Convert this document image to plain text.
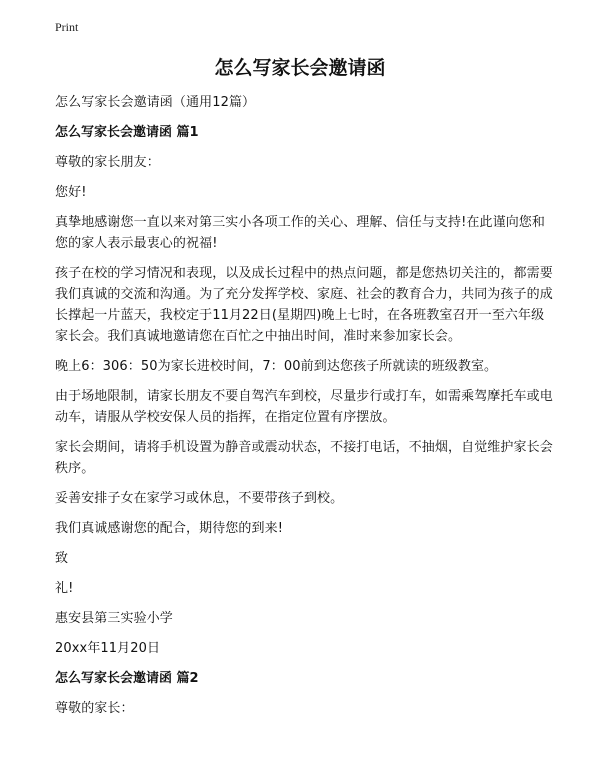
Print
怎么写家长会邀请函
怎么写家长会邀请函（通用12篇）
怎么写家长会邀请函 篇1
尊敬的家长朋友：
您好!
真挚地感谢您一直以来对第三实小各项工作的关心、理解、信任与支持!在此谨向您和您的家人表示最衷心的祝福!
孩子在校的学习情况和表现，以及成长过程中的热点问题，都是您热切关注的，都需要我们真诚的交流和沟通。为了充分发挥学校、家庭、社会的教育合力，共同为孩子的成长撑起一片蓝天，我校定于11月22日(星期四)晚上七时，在各班教室召开一至六年级家长会。我们真诚地邀请您在百忙之中抽出时间，准时来参加家长会。
晚上6：306：50为家长进校时间，7：00前到达您孩子所就读的班级教室。
由于场地限制，请家长朋友不要自驾汽车到校，尽量步行或打车，如需乘驾摩托车或电动车，请服从学校安保人员的指挥，在指定位置有序摆放。
家长会期间，请将手机设置为静音或震动状态，不接打电话，不抽烟，自觉维护家长会秩序。
妥善安排子女在家学习或休息，不要带孩子到校。
我们真诚感谢您的配合，期待您的到来!
致
礼!
惠安县第三实验小学
20xx年11月20日
怎么写家长会邀请函 篇2
尊敬的家长：
